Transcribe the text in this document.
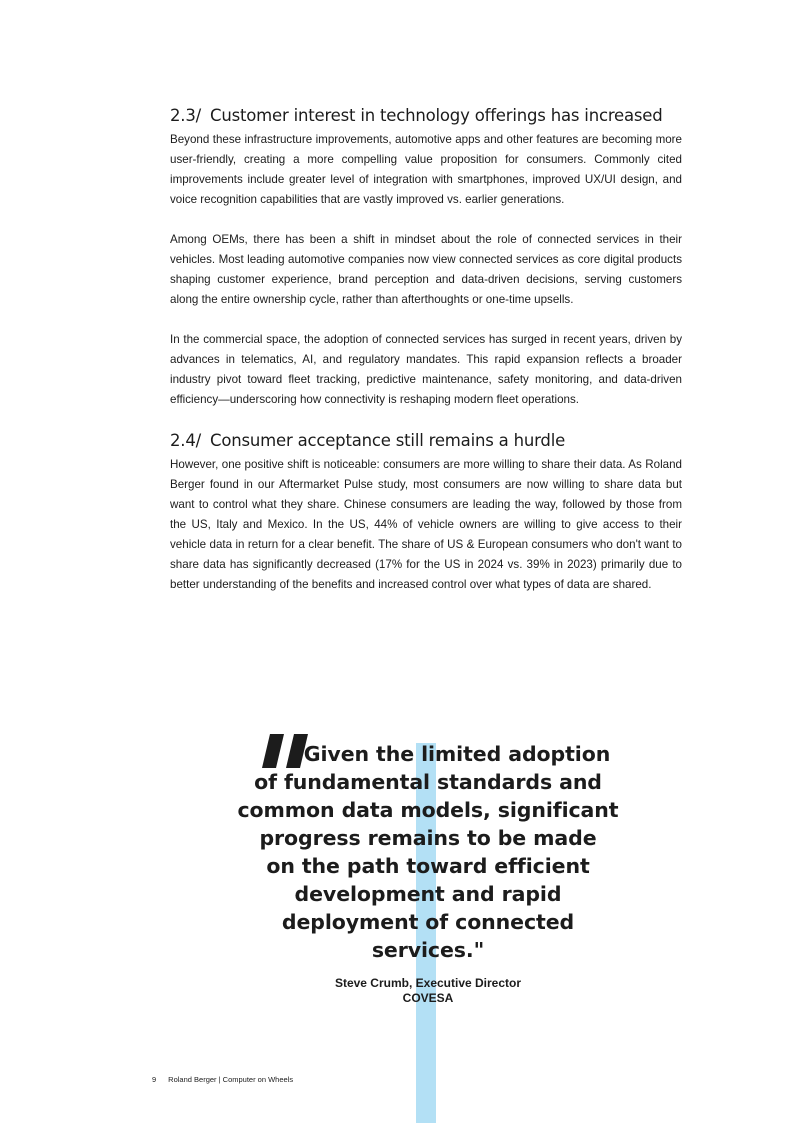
2.3/ Customer interest in technology offerings has increased

Beyond these infrastructure improvements, automotive apps and other features are becoming more user-friendly, creating a more compelling value proposition for consumers. Commonly cited improvements include greater level of integration with smartphones, improved UX/UI design, and voice recognition capabilities that are vastly improved vs. earlier generations.

Among OEMs, there has been a shift in mindset about the role of connected services in their vehicles. Most leading automotive companies now view connected services as core digital products shaping customer experience, brand perception and data-driven decisions, serving customers along the entire ownership cycle, rather than afterthoughts or one-time upsells.

In the commercial space, the adoption of connected services has surged in recent years, driven by advances in telematics, AI, and regulatory mandates. This rapid expansion reflects a broader industry pivot toward fleet tracking, predictive maintenance, safety monitoring, and data-driven efficiency—underscoring how connectivity is reshaping modern fleet operations.

2.4/ Consumer acceptance still remains a hurdle

However, one positive shift is noticeable: consumers are more willing to share their data. As Roland Berger found in our Aftermarket Pulse study, most consumers are now willing to share data but want to control what they share. Chinese consumers are leading the way, followed by those from the US, Italy and Mexico. In the US, 44% of vehicle owners are willing to give access to their vehicle data in return for a clear benefit. The share of US & European consumers who don't want to share data has significantly decreased (17% for the US in 2024 vs. 39% in 2023) primarily due to better understanding of the benefits and increased control over what types of data are shared.

Given the limited adoption
of fundamental standards and
common data models, significant
progress remains to be made
on the path toward efficient
development and rapid
deployment of connected
services."

Steve Crumb, Executive Director
COVESA
9 Roland Berger | Computer on Wheels
